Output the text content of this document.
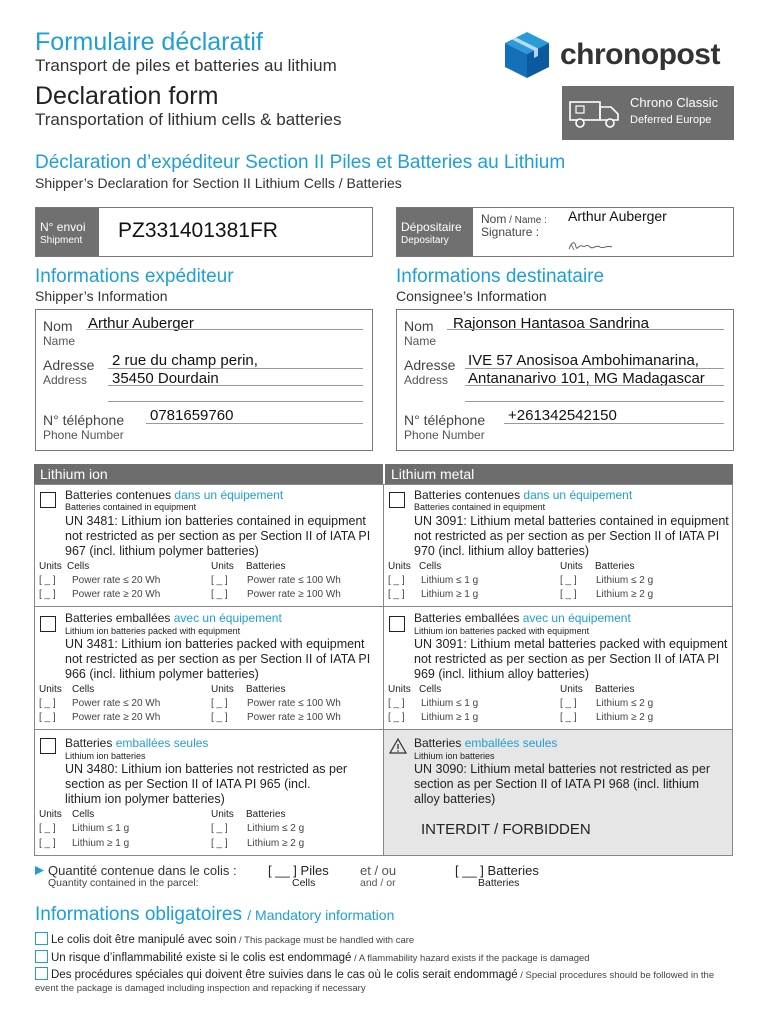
Formulaire déclaratif
Transport de piles et batteries au lithium
Declaration form
Transportation of lithium cells & batteries
chronopost
Chrono Classic
Deferred Europe
Déclaration d’expéditeur Section II Piles et Batteries au Lithium
Shipper’s Declaration for Section II Lithium Cells / Batteries
N° envoi
Shipment PZ331401381FR	Dépositaire
Depositary
Nom / Name :
Signature :
Arthur Auberger
Informations expéditeur
Shipper’s Information
Nom
Name
Arthur Auberger
Adresse
Address
2 rue du champ perin,
35450 Dourdain
N° téléphone
Phone Number
0781659760
Informations destinataire
Consignee’s Information
Nom
Name
Rajonson Hantasoa Sandrina
Adresse
Address
IVE 57 Anosisoa Ambohimanarina,
Antananarivo 101, MG Madagascar
N° téléphone
Phone Number
+261342542150
Lithium ion	Lithium metal
Batteries contenues dans un équipement
Batteries contained in equipment
UN 3481: Lithium ion batteries contained in equipment not restricted as per section as per Section II of IATA PI 967 (incl. lithium polymer batteries)
Units Cells	Units Batteries
[ _ ] Power rate ≤ 20 Wh	[ _ ] Power rate ≤ 100 Wh
[ _ ] Power rate ≥ 20 Wh	[ _ ] Power rate ≥ 100 Wh
Batteries contenues dans un équipement
Batteries contained in equipment
UN 3091: Lithium metal batteries contained in equipment not restricted as per section as per Section II of IATA PI 970 (incl. lithium alloy batteries)
Units Cells	Units Batteries
[ _ ] Lithium ≤ 1 g	[ _ ] Lithium ≤ 2 g
[ _ ] Lithium ≥ 1 g	[ _ ] Lithium ≥ 2 g
Batteries emballées avec un équipement
Lithium ion batteries packed with equipment
UN 3481: Lithium ion batteries packed with equipment not restricted as per section as per Section II of IATA PI 966 (incl. lithium polymer batteries)
Units Cells	Units Batteries
[ _ ] Power rate ≤ 20 Wh	[ _ ] Power rate ≤ 100 Wh
[ _ ] Power rate ≥ 20 Wh	[ _ ] Power rate ≥ 100 Wh
Batteries emballées avec un équipement
Lithium ion batteries packed with equipment
UN 3091: Lithium metal batteries packed with equipment not restricted as per section as per Section II of IATA PI 969 (incl. lithium alloy batteries)
Units Cells	Units Batteries
[ _ ] Lithium ≤ 1 g	[ _ ] Lithium ≤ 2 g
[ _ ] Lithium ≥ 1 g	[ _ ] Lithium ≥ 2 g
Batteries emballées seules
Lithium ion batteries
UN 3480: Lithium ion batteries not restricted as per section as per Section II of IATA PI 965 (incl. lithium ion polymer batteries)
Units Cells	Units Batteries
[ _ ] Lithium ≤ 1 g	[ _ ] Lithium ≤ 2 g
[ _ ] Lithium ≥ 1 g	[ _ ] Lithium ≥ 2 g
Batteries emballées seules
Lithium ion batteries
UN 3090: Lithium metal batteries not restricted as per section as per Section II of IATA PI 968 (incl. lithium alloy batteries)
INTERDIT / FORBIDDEN
Quantité contenue dans le colis :
Quantity contained in the parcel:
[ __ ] Piles
Cells
et / ou
and / or
[ __ ] Batteries
Batteries
Informations obligatoires / Mandatory information
Le colis doit être manipulé avec soin / This package must be handled with care
Un risque d’inflammabilité existe si le colis est endommagé / A flammability hazard exists if the package is damaged
Des procédures spéciales qui doivent être suivies dans le cas où le colis serait endommagé / Special procedures should be followed in the event the package is damaged including inspection and repacking if necessary
